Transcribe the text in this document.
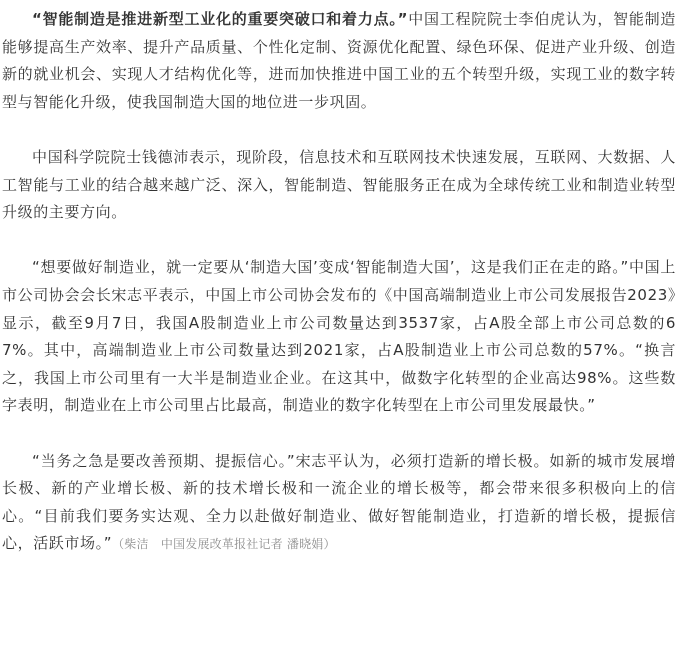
“智能制造是推进新型工业化的重要突破口和着力点。”中国工程院院士李伯虎认为，智能制造能够提高生产效率、提升产品质量、个性化定制、资源优化配置、绿色环保、促进产业升级、创造新的就业机会、实现人才结构优化等，进而加快推进中国工业的五个转型升级，实现工业的数字转型与智能化升级，使我国制造大国的地位进一步巩固。

中国科学院院士钱德沛表示，现阶段，信息技术和互联网技术快速发展，互联网、大数据、人工智能与工业的结合越来越广泛、深入，智能制造、智能服务正在成为全球传统工业和制造业转型升级的主要方向。

“想要做好制造业，就一定要从‘制造大国’变成‘智能制造大国’，这是我们正在走的路。”中国上市公司协会会长宋志平表示，中国上市公司协会发布的《中国高端制造业上市公司发展报告2023》显示，截至9月7日，我国A股制造业上市公司数量达到3537家，占A股全部上市公司总数的67%。其中，高端制造业上市公司数量达到2021家，占A股制造业上市公司总数的57%。“换言之，我国上市公司里有一大半是制造业企业。在这其中，做数字化转型的企业高达98%。这些数字表明，制造业在上市公司里占比最高，制造业的数字化转型在上市公司里发展最快。”

“当务之急是要改善预期、提振信心。”宋志平认为，必须打造新的增长极。如新的城市发展增长极、新的产业增长极、新的技术增长极和一流企业的增长极等，都会带来很多积极向上的信心。“目前我们要务实达观、全力以赴做好制造业、做好智能制造业，打造新的增长极，提振信心，活跃市场。”（柴洁　中国发展改革报社记者 潘晓娟）
